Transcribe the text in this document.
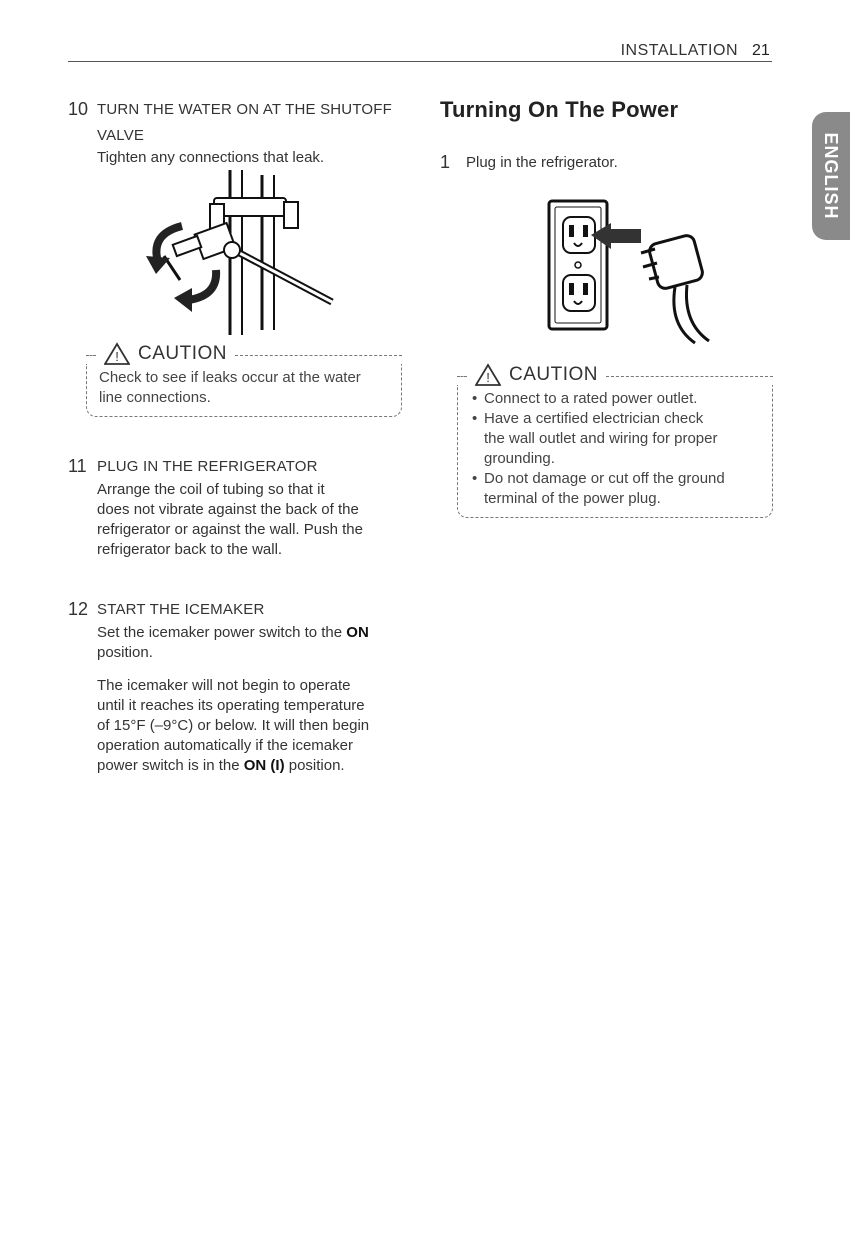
INSTALLATION 21
ENGLISH
10 TURN THE WATER ON AT THE SHUTOFF
VALVE
Tighten any connections that leak.
! CAUTION
Check to see if leaks occur at the water
line connections.
11 PLUG IN THE REFRIGERATOR
Arrange the coil of tubing so that it
does not vibrate against the back of the
refrigerator or against the wall. Push the
refrigerator back to the wall.
12 START THE ICEMAKER
Set the icemaker power switch to the ON
position.
The icemaker will not begin to operate
until it reaches its operating temperature
of 15°F (–9°C) or below. It will then begin
operation automatically if the icemaker
power switch is in the ON (I) position.
Turning On The Power
1 Plug in the refrigerator.
! CAUTION
• Connect to a rated power outlet.
• Have a certified electrician check
the wall outlet and wiring for proper
grounding.
• Do not damage or cut off the ground
terminal of the power plug.
